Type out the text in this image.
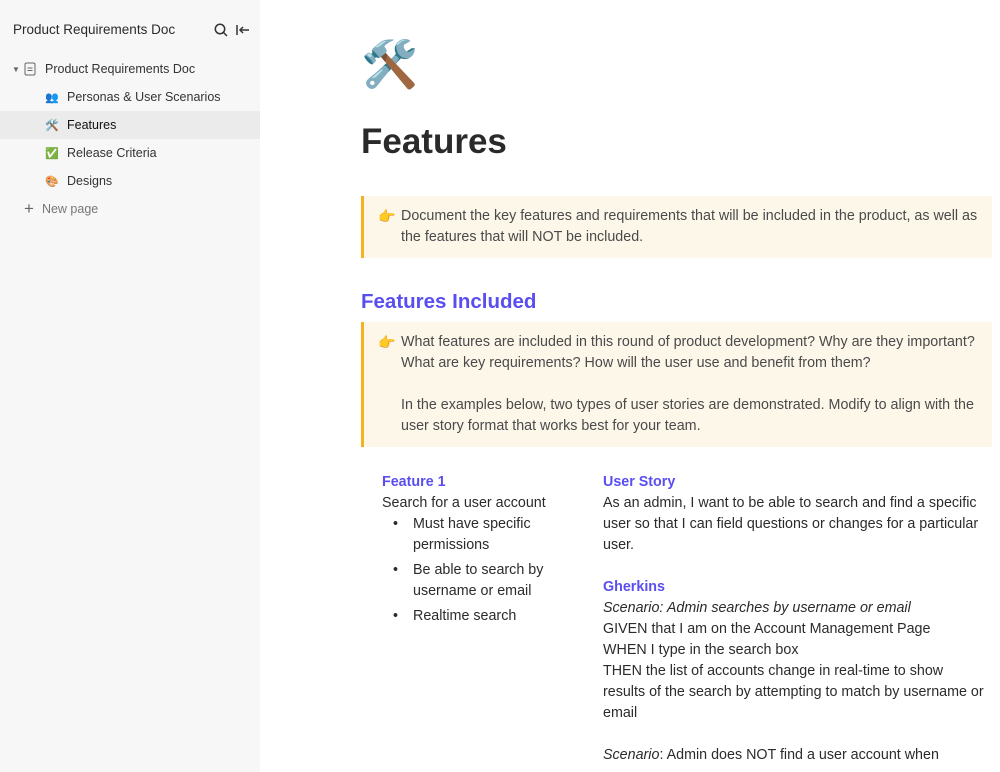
Product Requirements Doc
▼ Product Requirements Doc
👥 Personas & User Scenarios
🛠️ Features
✅ Release Criteria
🎨 Designs
+ New page
🛠️
Features
👉 Document the key features and requirements that will be included in the product, as well as the features that will NOT be included.
Features Included
👉 What features are included in this round of product development? Why are they important? What are key requirements? How will the user use and benefit from them?
In the examples below, two types of user stories are demonstrated. Modify to align with the user story format that works best for your team.
Feature 1
Search for a user account
• Must have specific permissions
• Be able to search by username or email
• Realtime search
User Story
As an admin, I want to be able to search and find a specific user so that I can field questions or changes for a particular user.
Gherkins
Scenario: Admin searches by username or email
GIVEN that I am on the Account Management Page
WHEN I type in the search box
THEN the list of accounts change in real-time to show results of the search by attempting to match by username or email
Scenario: Admin does NOT find a user account when
